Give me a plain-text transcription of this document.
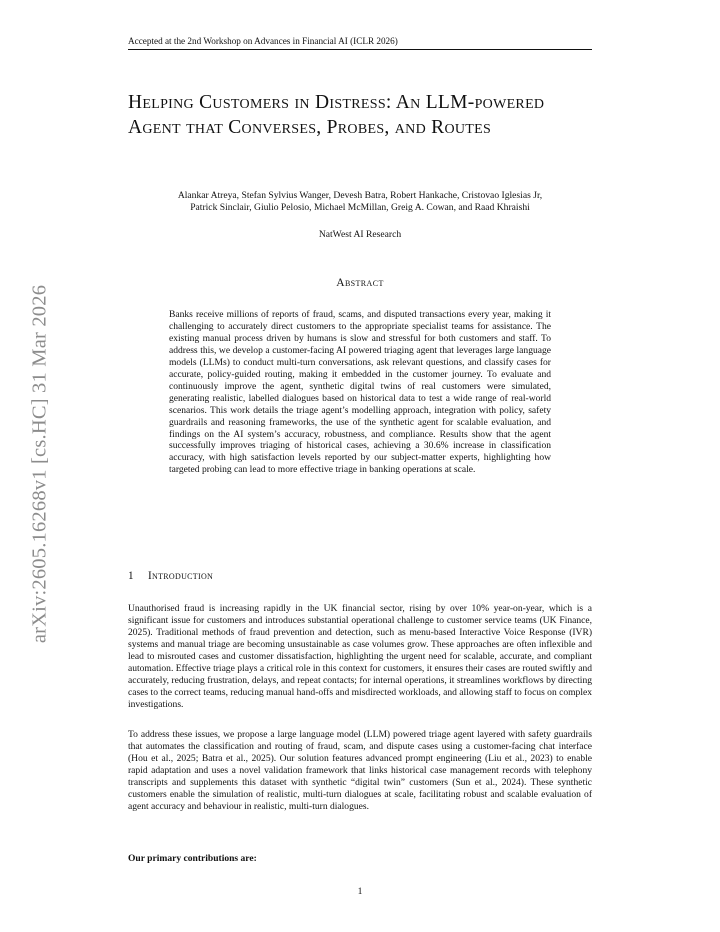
Accepted at the 2nd Workshop on Advances in Financial AI (ICLR 2026)
arXiv:2605.16268v1 [cs.HC] 31 Mar 2026
Helping Customers in Distress: An LLM-powered Agent that Converses, Probes, and Routes
Alankar Atreya, Stefan Sylvius Wanger, Devesh Batra, Robert Hankache, Cristovao Iglesias Jr,
Patrick Sinclair, Giulio Pelosio, Michael McMillan, Greig A. Cowan, and Raad Khraishi
NatWest AI Research
Abstract

Banks receive millions of reports of fraud, scams, and disputed transactions every year, making it challenging to accurately direct customers to the appropriate specialist teams for assistance. The existing manual process driven by humans is slow and stressful for both customers and staff. To address this, we develop a customer-facing AI powered triaging agent that leverages large language models (LLMs) to conduct multi-turn conversations, ask relevant questions, and classify cases for accurate, policy-guided routing, making it embedded in the customer journey. To evaluate and continuously improve the agent, synthetic digital twins of real customers were simulated, generating realistic, labelled dialogues based on historical data to test a wide range of real-world scenarios. This work details the triage agent’s modelling approach, integration with policy, safety guardrails and reasoning frameworks, the use of the synthetic agent for scalable evaluation, and findings on the AI system’s accuracy, robustness, and compliance. Results show that the agent successfully improves triaging of historical cases, achieving a 30.6% increase in classification accuracy, with high satisfaction levels reported by our subject-matter experts, highlighting how targeted probing can lead to more effective triage in banking operations at scale.

1 Introduction

Unauthorised fraud is increasing rapidly in the UK financial sector, rising by over 10% year-on-year, which is a significant issue for customers and introduces substantial operational challenge to customer service teams (UK Finance, 2025). Traditional methods of fraud prevention and detection, such as menu-based Interactive Voice Response (IVR) systems and manual triage are becoming unsustainable as case volumes grow. These approaches are often inflexible and lead to misrouted cases and customer dissatisfaction, highlighting the urgent need for scalable, accurate, and compliant automation. Effective triage plays a critical role in this context for customers, it ensures their cases are routed swiftly and accurately, reducing frustration, delays, and repeat contacts; for internal operations, it streamlines workflows by directing cases to the correct teams, reducing manual hand-offs and misdirected workloads, and allowing staff to focus on complex investigations.

To address these issues, we propose a large language model (LLM) powered triage agent layered with safety guardrails that automates the classification and routing of fraud, scam, and dispute cases using a customer-facing chat interface (Hou et al., 2025; Batra et al., 2025). Our solution features advanced prompt engineering (Liu et al., 2023) to enable rapid adaptation and uses a novel validation framework that links historical case management records with telephony transcripts and supplements this dataset with synthetic “digital twin” customers (Sun et al., 2024). These synthetic customers enable the simulation of realistic, multi-turn dialogues at scale, facilitating robust and scalable evaluation of agent accuracy and behaviour in realistic, multi-turn dialogues.

Our primary contributions are:

1
